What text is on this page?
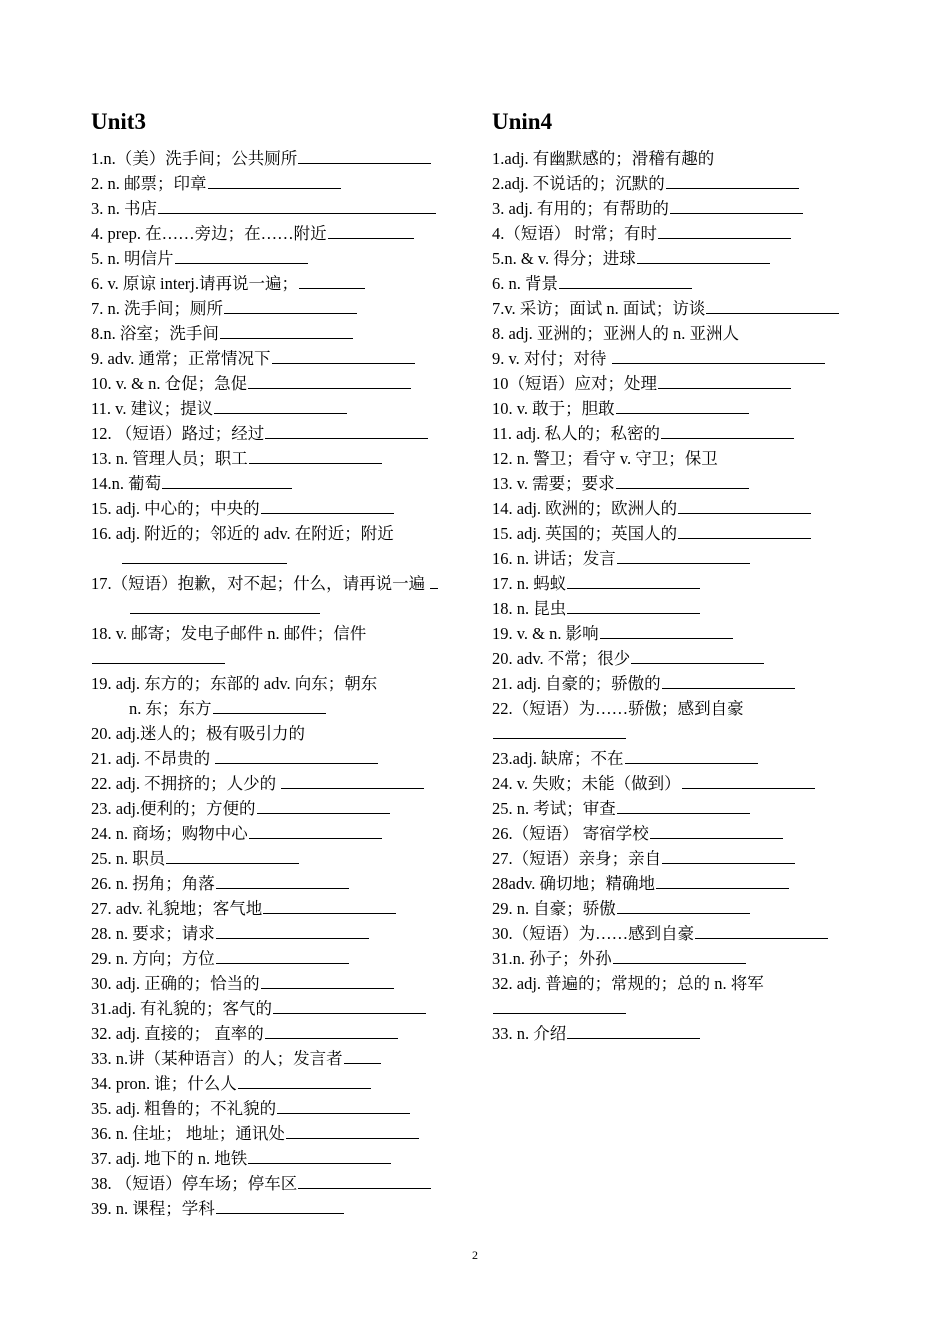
Unit3
1.n.（美）洗手间；公共厕所
2. n. 邮票；印章
3. n. 书店
4. prep. 在……旁边；在……附近
5. n. 明信片
6. v. 原谅 interj.请再说一遍；
7. n. 洗手间；厕所
8.n. 浴室；洗手间
9. adv. 通常；正常情况下
10. v. & n. 仓促；急促
11. v. 建议；提议
12. （短语）路过；经过
13. n. 管理人员；职工
14.n. 葡萄
15. adj. 中心的；中央的
16. adj. 附近的；邻近的 adv. 在附近；附近
17.（短语）抱歉，对不起；什么，请再说一遍
18. v. 邮寄；发电子邮件 n. 邮件；信件
19. adj. 东方的；东部的 adv. 向东；朝东
n. 东；东方
20. adj.迷人的；极有吸引力的
21. adj. 不昂贵的
22. adj. 不拥挤的；人少的
23. adj.便利的；方便的
24. n. 商场；购物中心
25. n. 职员
26. n. 拐角；角落
27. adv. 礼貌地；客气地
28. n. 要求；请求
29. n. 方向；方位
30. adj. 正确的；恰当的
31.adj. 有礼貌的；客气的
32. adj. 直接的； 直率的
33. n.讲（某种语言）的人；发言者
34. pron. 谁；什么人
35. adj. 粗鲁的；不礼貌的
36. n. 住址； 地址；通讯处
37. adj. 地下的 n. 地铁
38. （短语）停车场；停车区
39. n. 课程；学科
Unin4
1.adj. 有幽默感的；滑稽有趣的
2.adj. 不说话的；沉默的
3. adj. 有用的；有帮助的
4.（短语） 时常；有时
5.n. & v. 得分；进球
6. n. 背景
7.v. 采访；面试 n. 面试；访谈
8. adj. 亚洲的；亚洲人的 n. 亚洲人
9. v. 对付；对待
10（短语）应对；处理
10. v. 敢于；胆敢
11. adj. 私人的；私密的
12. n. 警卫；看守 v. 守卫；保卫
13. v. 需要；要求
14. adj. 欧洲的；欧洲人的
15. adj. 英国的；英国人的
16. n. 讲话；发言
17. n. 蚂蚁
18. n. 昆虫
19. v. & n. 影响
20. adv. 不常；很少
21. adj. 自豪的；骄傲的
22.（短语）为……骄傲；感到自豪
23.adj. 缺席；不在
24. v. 失败；未能（做到）
25. n. 考试；审查
26.（短语） 寄宿学校
27.（短语）亲身；亲自
28adv. 确切地；精确地
29. n. 自豪；骄傲
30.（短语）为……感到自豪
31.n. 孙子；外孙
32. adj. 普遍的；常规的；总的 n. 将军
33. n. 介绍
2
